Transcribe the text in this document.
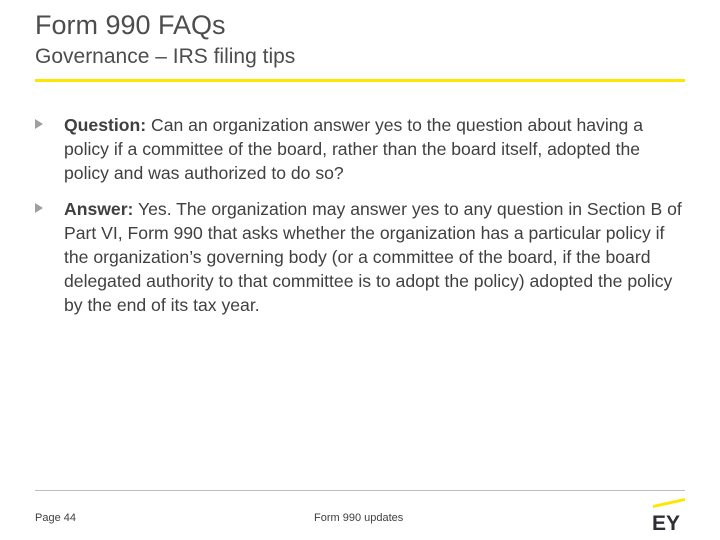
Form 990 FAQs
Governance – IRS filing tips
Question: Can an organization answer yes to the question about having a policy if a committee of the board, rather than the board itself, adopted the policy and was authorized to do so?
Answer: Yes. The organization may answer yes to any question in Section B of Part VI, Form 990 that asks whether the organization has a particular policy if the organization’s governing body (or a committee of the board, if the board delegated authority to that committee is to adopt the policy) adopted the policy by the end of its tax year.
Page 44	Form 990 updates	EY
